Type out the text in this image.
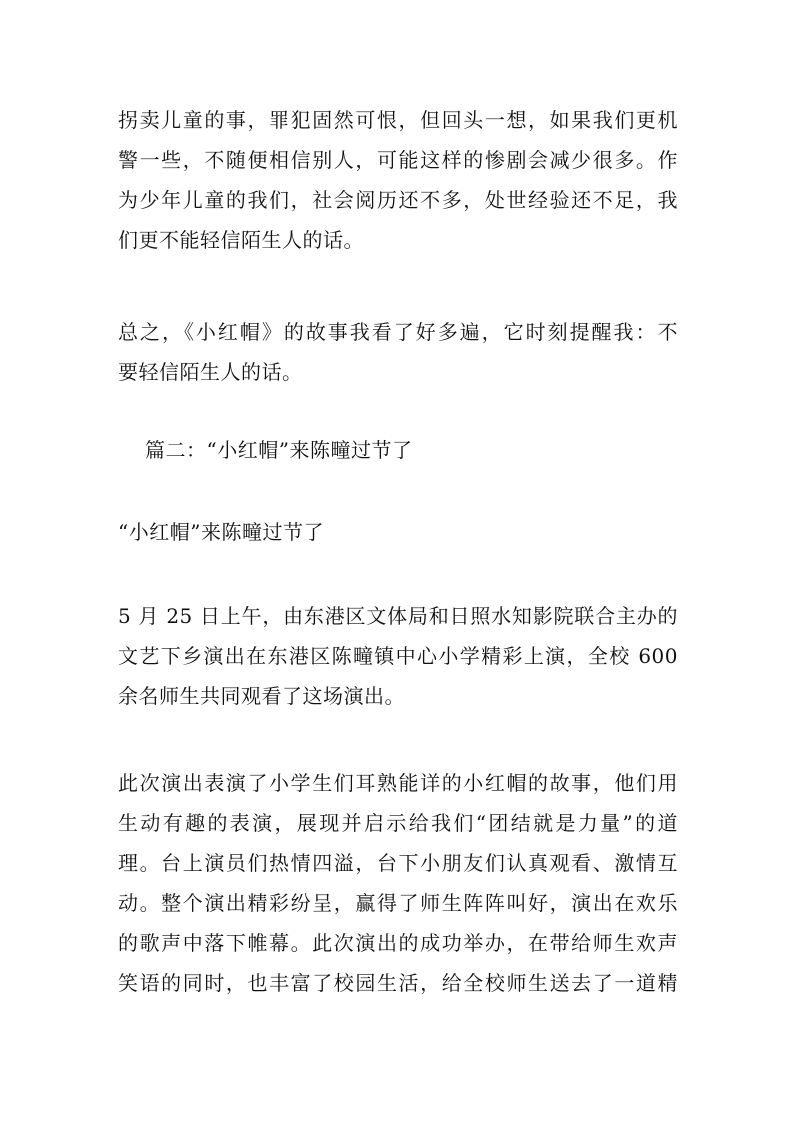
拐卖儿童的事，罪犯固然可恨，但回头一想，如果我们更机
警一些，不随便相信别人，可能这样的惨剧会减少很多。作
为少年儿童的我们，社会阅历还不多，处世经验还不足，我
们更不能轻信陌生人的话。
总之，《小红帽》的故事我看了好多遍，它时刻提醒我：不
要轻信陌生人的话。
篇二：“小红帽”来陈疃过节了
“小红帽”来陈疃过节了
5 月 25 日上午，由东港区文体局和日照水知影院联合主办的
文艺下乡演出在东港区陈疃镇中心小学精彩上演，全校 600
余名师生共同观看了这场演出。
此次演出表演了小学生们耳熟能详的小红帽的故事，他们用
生动有趣的表演，展现并启示给我们“团结就是力量”的道
理。台上演员们热情四溢，台下小朋友们认真观看、激情互
动。整个演出精彩纷呈，赢得了师生阵阵叫好，演出在欢乐
的歌声中落下帷幕。此次演出的成功举办，在带给师生欢声
笑语的同时，也丰富了校园生活，给全校师生送去了一道精
